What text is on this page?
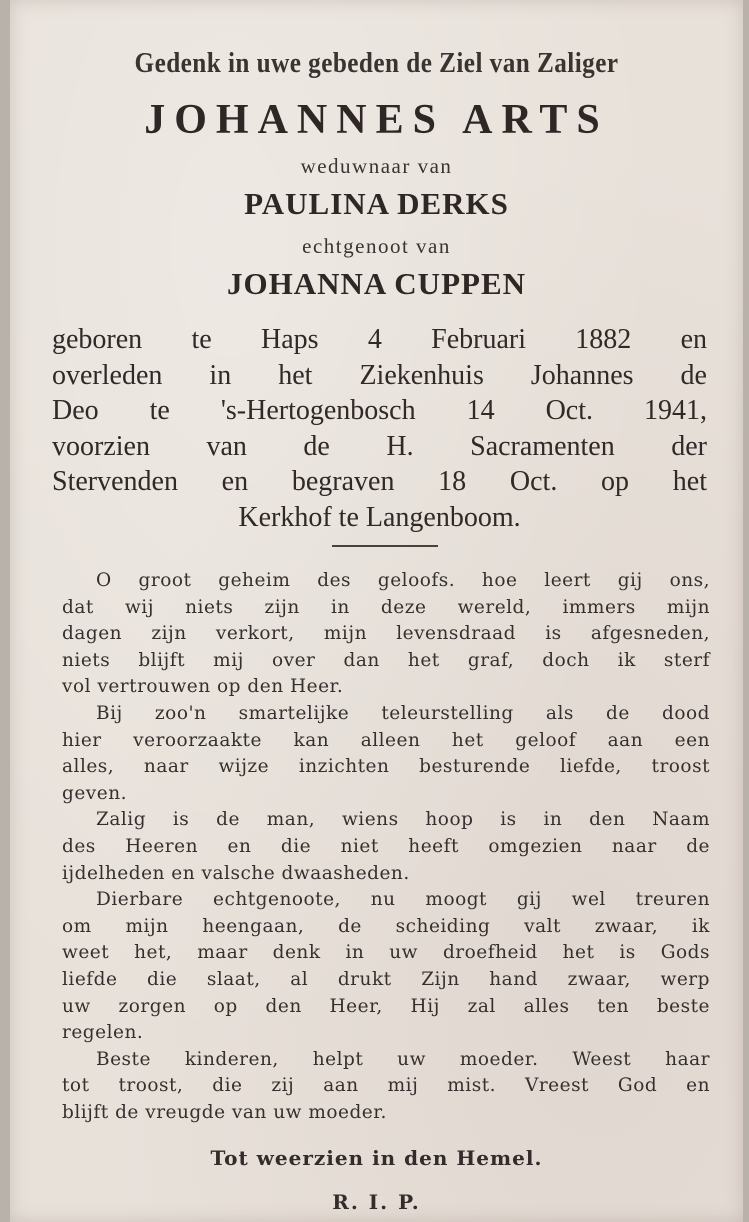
Gedenk in uwe gebeden de Ziel van Zaliger
JOHANNES ARTS
weduwnaar van
PAULINA DERKS
echtgenoot van
JOHANNA CUPPEN
geboren te Haps 4 Februari 1882 en
overleden in het Ziekenhuis Johannes de
Deo te 's-Hertogenbosch 14 Oct. 1941,
voorzien van de H. Sacramenten der
Stervenden en begraven 18 Oct. op het
Kerkhof te Langenboom.
O groot geheim des geloofs. hoe leert gij ons,
dat wij niets zijn in deze wereld, immers mijn
dagen zijn verkort, mijn levensdraad is afgesneden,
niets blijft mij over dan het graf, doch ik sterf
vol vertrouwen op den Heer.
Bij zoo'n smartelijke teleurstelling als de dood
hier veroorzaakte kan alleen het geloof aan een
alles, naar wijze inzichten besturende liefde, troost
geven.
Zalig is de man, wiens hoop is in den Naam
des Heeren en die niet heeft omgezien naar de
ijdelheden en valsche dwaasheden.
Dierbare echtgenoote, nu moogt gij wel treuren
om mijn heengaan, de scheiding valt zwaar, ik
weet het, maar denk in uw droefheid het is Gods
liefde die slaat, al drukt Zijn hand zwaar, werp
uw zorgen op den Heer, Hij zal alles ten beste
regelen.
Beste kinderen, helpt uw moeder. Weest haar
tot troost, die zij aan mij mist. Vreest God en
blijft de vreugde van uw moeder.
Tot weerzien in den Hemel.
R. I. P.
